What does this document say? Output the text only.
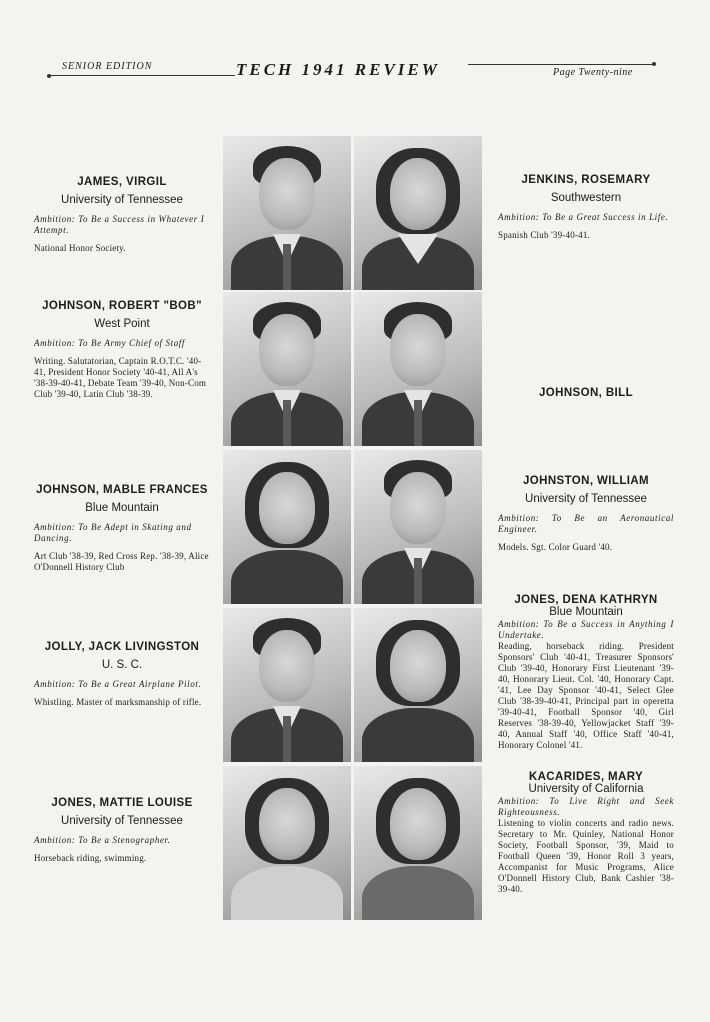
SENIOR EDITION	TECH 1941 REVIEW	Page Twenty-nine
JAMES, VIRGIL
University of Tennessee
Ambition: To Be a Success in Whatever I Attempt.
National Honor Society.
JOHNSON, ROBERT "BOB"
West Point
Ambition: To Be Army Chief of Staff
Writing. Salutatorian, Captain R.O.T.C. '40-41, President Honor Society '40-41, All A's '38-39-40-41, Debate Team '39-40, Non-Com Club '39-40, Latin Club '38-39.
JOHNSON, MABLE FRANCES
Blue Mountain
Ambition: To Be Adept in Skating and Dancing.
Art Club '38-39, Red Cross Rep. '38-39, Alice O'Donnell History Club
JOLLY, JACK LIVINGSTON
U. S. C.
Ambition: To Be a Great Airplane Pilot.
Whistling. Master of marksmanship of rifle.
JONES, MATTIE LOUISE
University of Tennessee
Ambition: To Be a Stenographer.
Horseback riding, swimming.
JENKINS, ROSEMARY
Southwestern
Ambition: To Be a Great Success in Life.
Spanish Club '39-40-41.
JOHNSON, BILL
JOHNSTON, WILLIAM
University of Tennessee
Ambition: To Be an Aeronautical Engineer.
Models. Sgt. Color Guard '40.
JONES, DENA KATHRYN
Blue Mountain
Ambition: To Be a Success in Anything I Undertake.
Reading, horseback riding. President Sponsors' Club '40-41, Treasurer Sponsors' Club '39-40, Honorary First Lieutenant '39-40, Honorary Lieut. Col. '40, Honorary Capt. '41, Lee Day Sponsor '40-41, Select Glee Club '38-39-40-41, Principal part in operetta '39-40-41, Football Sponsor '40, Girl Reserves '38-39-40, Yellowjacket Staff '39-40, Annual Staff '40, Office Staff '40-41, Honorary Colonel '41.
KACARIDES, MARY
University of California
Ambition: To Live Right and Seek Righteousness.
Listening to violin concerts and radio news. Secretary to Mr. Quinley, National Honor Society, Football Sponsor, '39, Maid to Football Queen '39, Honor Roll 3 years, Accompanist for Music Programs, Alice O'Donnell History Club, Bank Cashier '38-39-40.
